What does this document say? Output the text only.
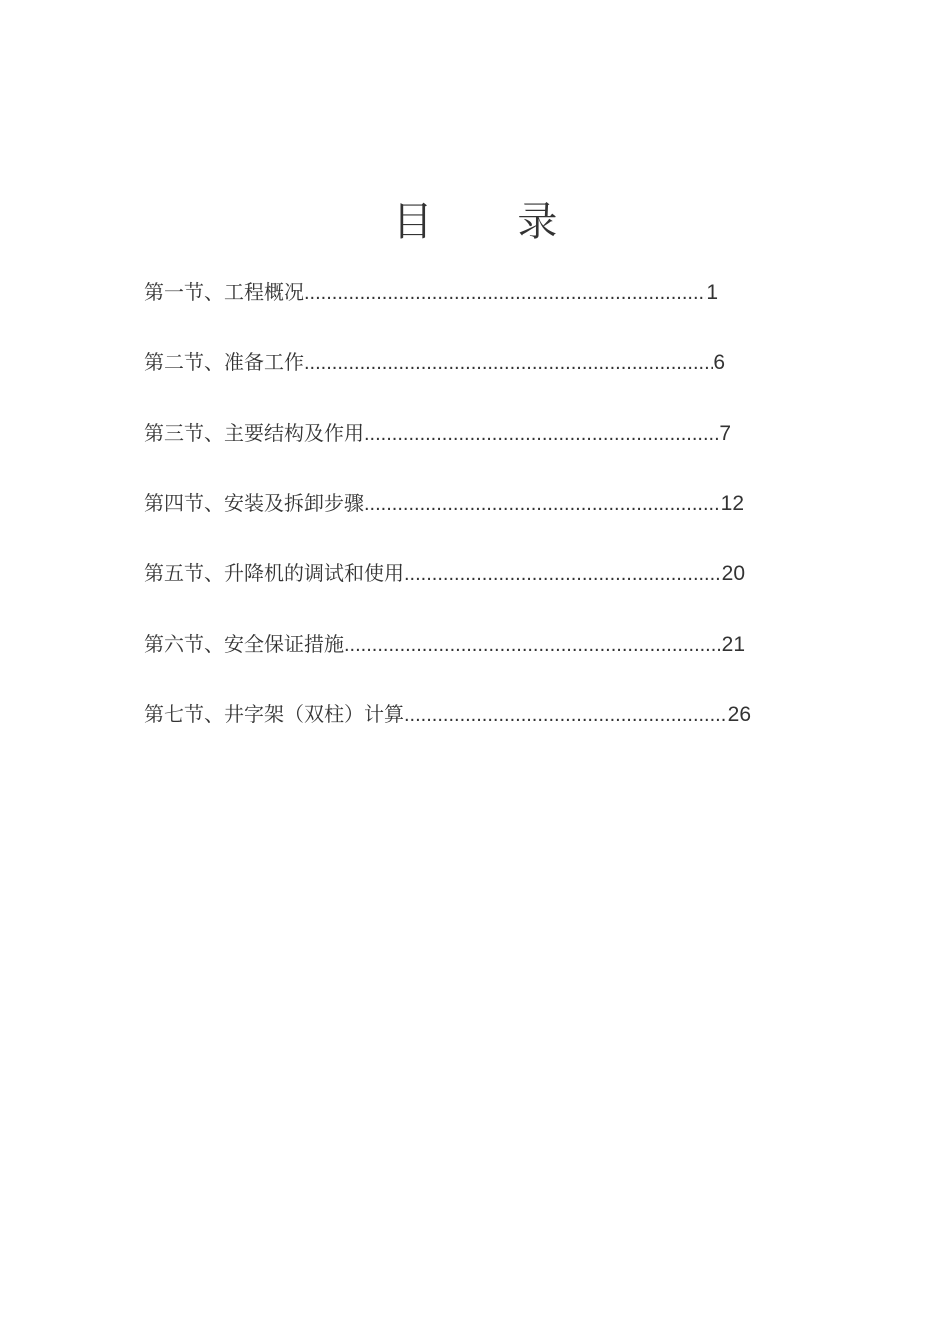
目 录
第一节、工程概况 .....	1
第二节、准备工作 .....	6
第三节、主要结构及作用 .....	7
第四节、安装及拆卸步骤 .....	12
第五节、升降机的调试和使用 .....	20
第六节、安全保证措施 .....	21
第七节、井字架（双柱）计算 .....	26
